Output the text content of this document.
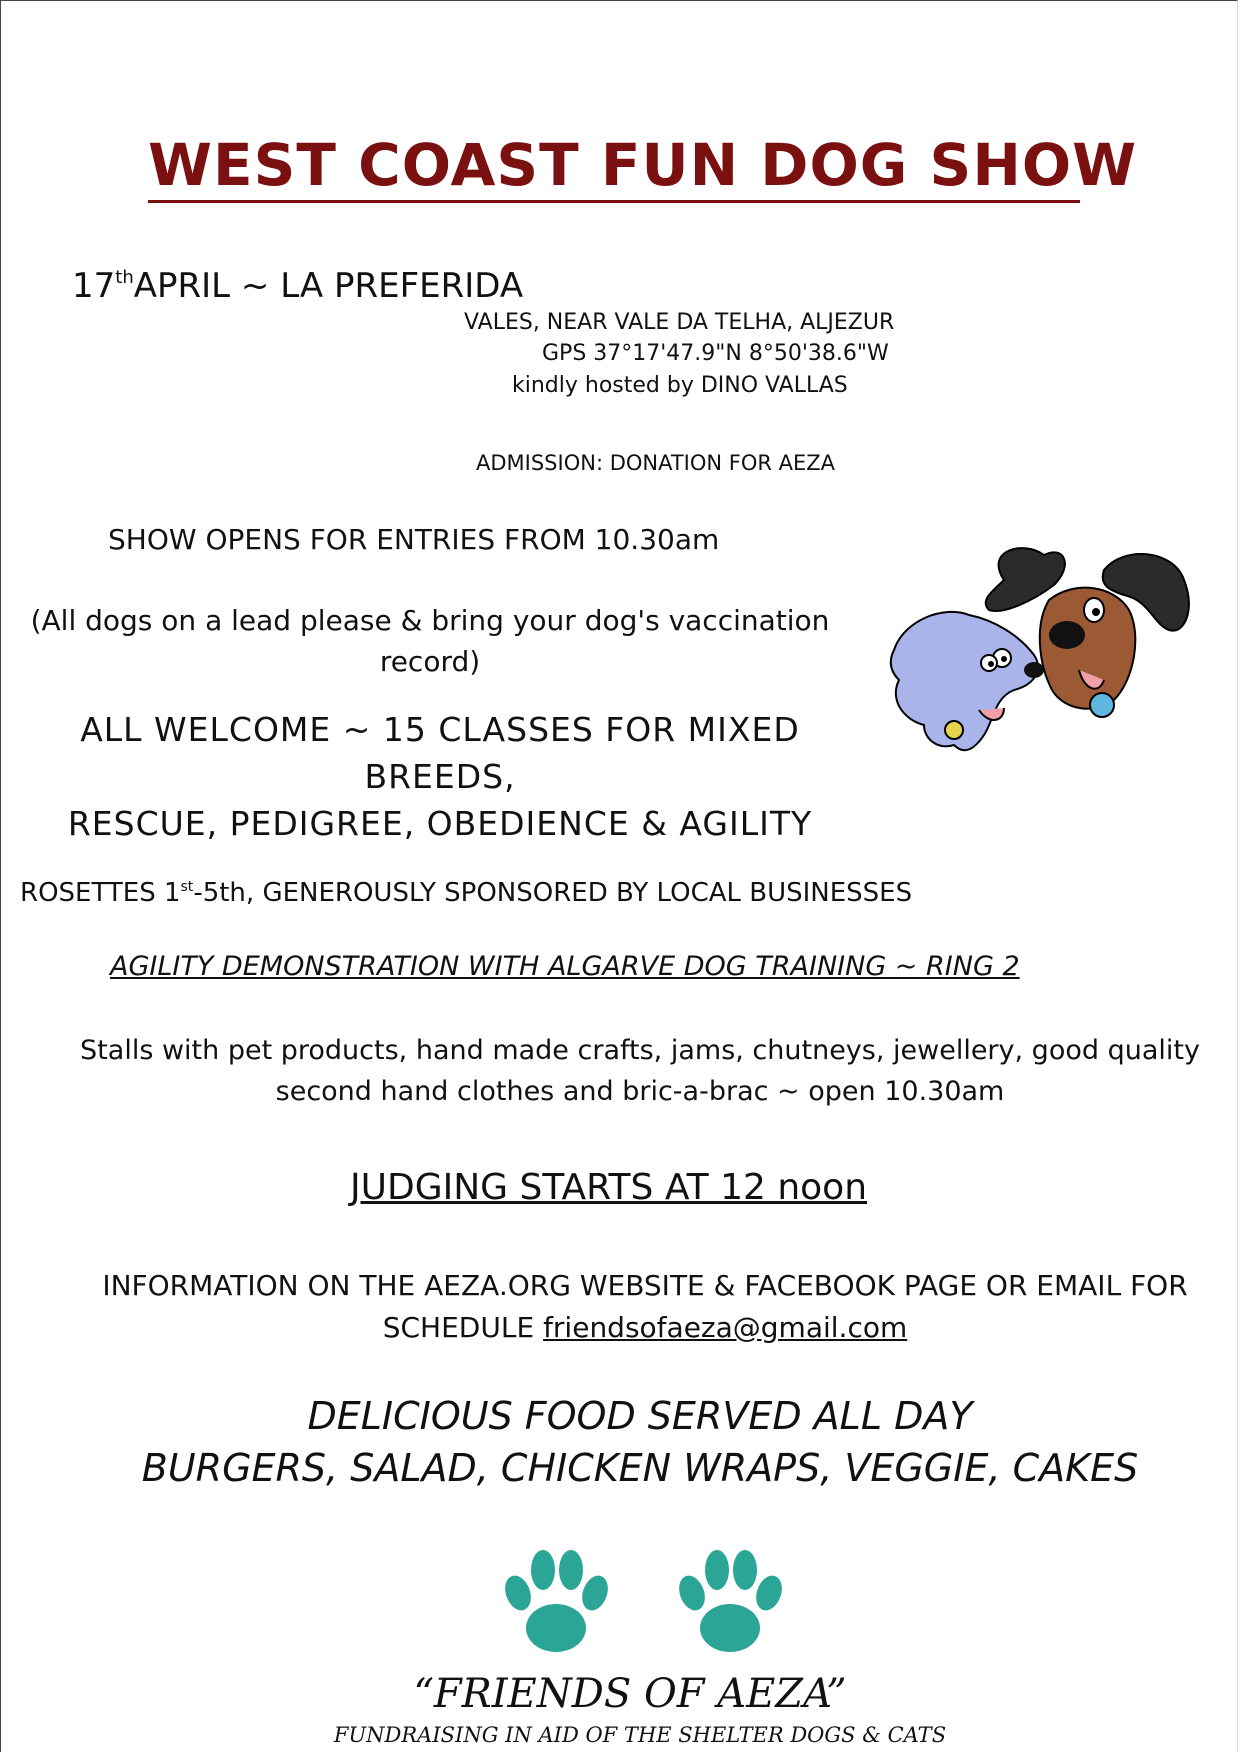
WEST COAST FUN DOG SHOW
17thAPRIL ~ LA PREFERIDA
VALES, NEAR VALE DA TELHA, ALJEZUR
GPS 37°17'47.9"N 8°50'38.6"W
kindly hosted by DINO VALLAS
ADMISSION: DONATION FOR AEZA
SHOW OPENS FOR ENTRIES FROM 10.30am
(All dogs on a lead please & bring your dog's vaccination record)
ALL WELCOME ~ 15 CLASSES FOR MIXED BREEDS,
RESCUE, PEDIGREE, OBEDIENCE & AGILITY
ROSETTES 1st-5th, GENEROUSLY SPONSORED BY LOCAL BUSINESSES
AGILITY DEMONSTRATION WITH ALGARVE DOG TRAINING ~ RING 2
Stalls with pet products, hand made crafts, jams, chutneys, jewellery, good quality second hand clothes and bric-a-brac ~ open 10.30am
JUDGING STARTS AT 12 noon
INFORMATION ON THE AEZA.ORG WEBSITE & FACEBOOK PAGE OR EMAIL FOR SCHEDULE friendsofaeza@gmail.com
DELICIOUS FOOD SERVED ALL DAY
BURGERS, SALAD, CHICKEN WRAPS, VEGGIE, CAKES
“FRIENDS OF AEZA”
FUNDRAISING IN AID OF THE SHELTER DOGS & CATS
